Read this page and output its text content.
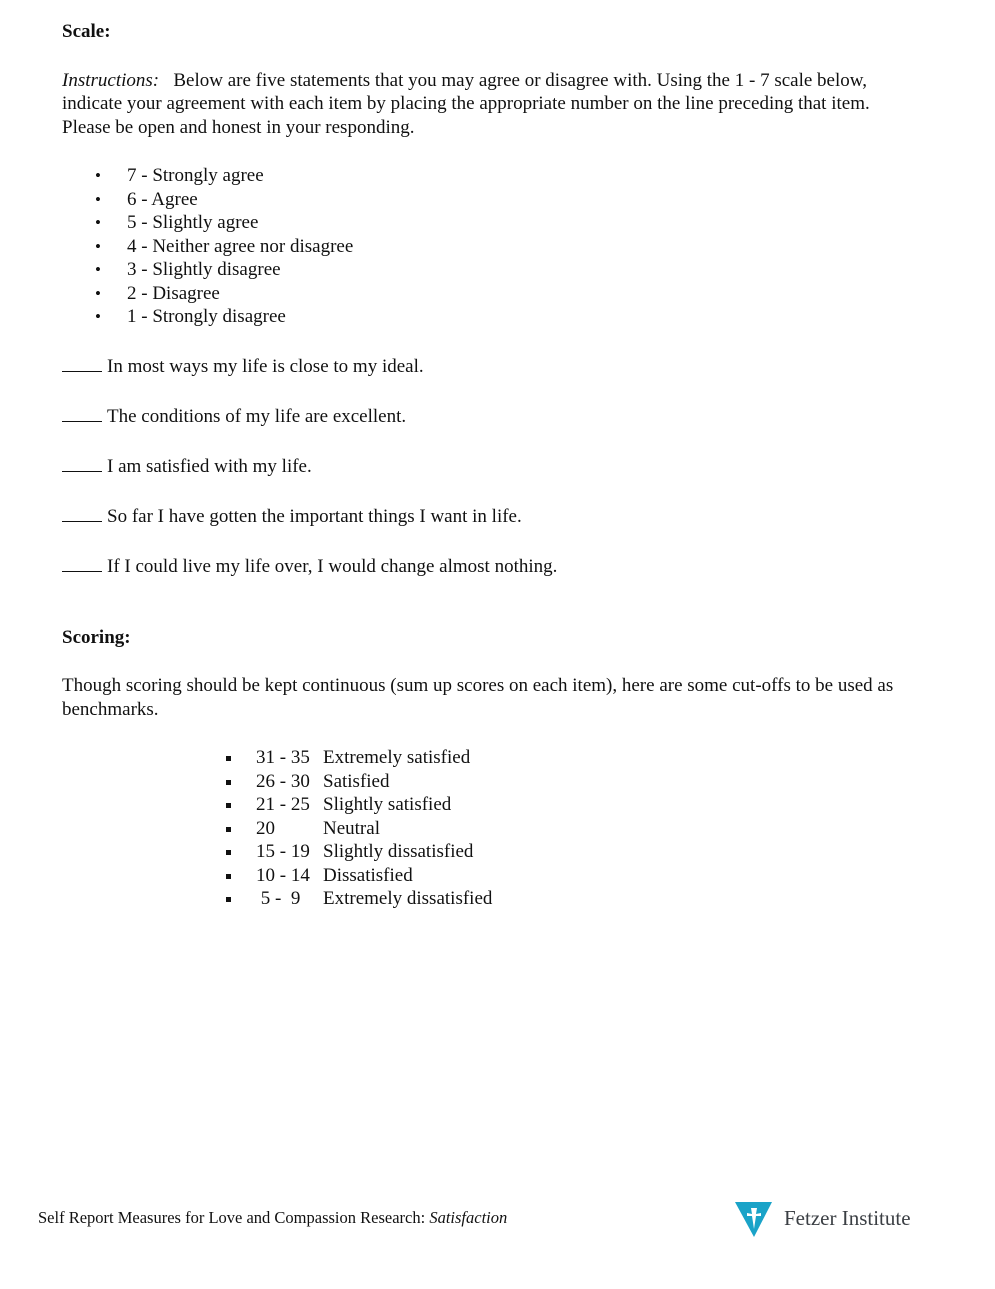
Scale:

Instructions: Below are five statements that you may agree or disagree with. Using the 1 - 7 scale below, indicate your agreement with each item by placing the appropriate number on the line preceding that item. Please be open and honest in your responding.

• 7 - Strongly agree
• 6 - Agree
• 5 - Slightly agree
• 4 - Neither agree nor disagree
• 3 - Slightly disagree
• 2 - Disagree
• 1 - Strongly disagree

In most ways my life is close to my ideal.

The conditions of my life are excellent.

I am satisfied with my life.

So far I have gotten the important things I want in life.

If I could live my life over, I would change almost nothing.

Scoring:

Though scoring should be kept continuous (sum up scores on each item), here are some cut-offs to be used as benchmarks.

31 - 35 Extremely satisfied
26 - 30 Satisfied
21 - 25 Slightly satisfied
20	Neutral
15 - 19 Slightly dissatisfied
10 - 14 Dissatisfied
5 -  9 Extremely dissatisfied
Self Report Measures for Love and Compassion Research: Satisfaction	Fetzer Institute
